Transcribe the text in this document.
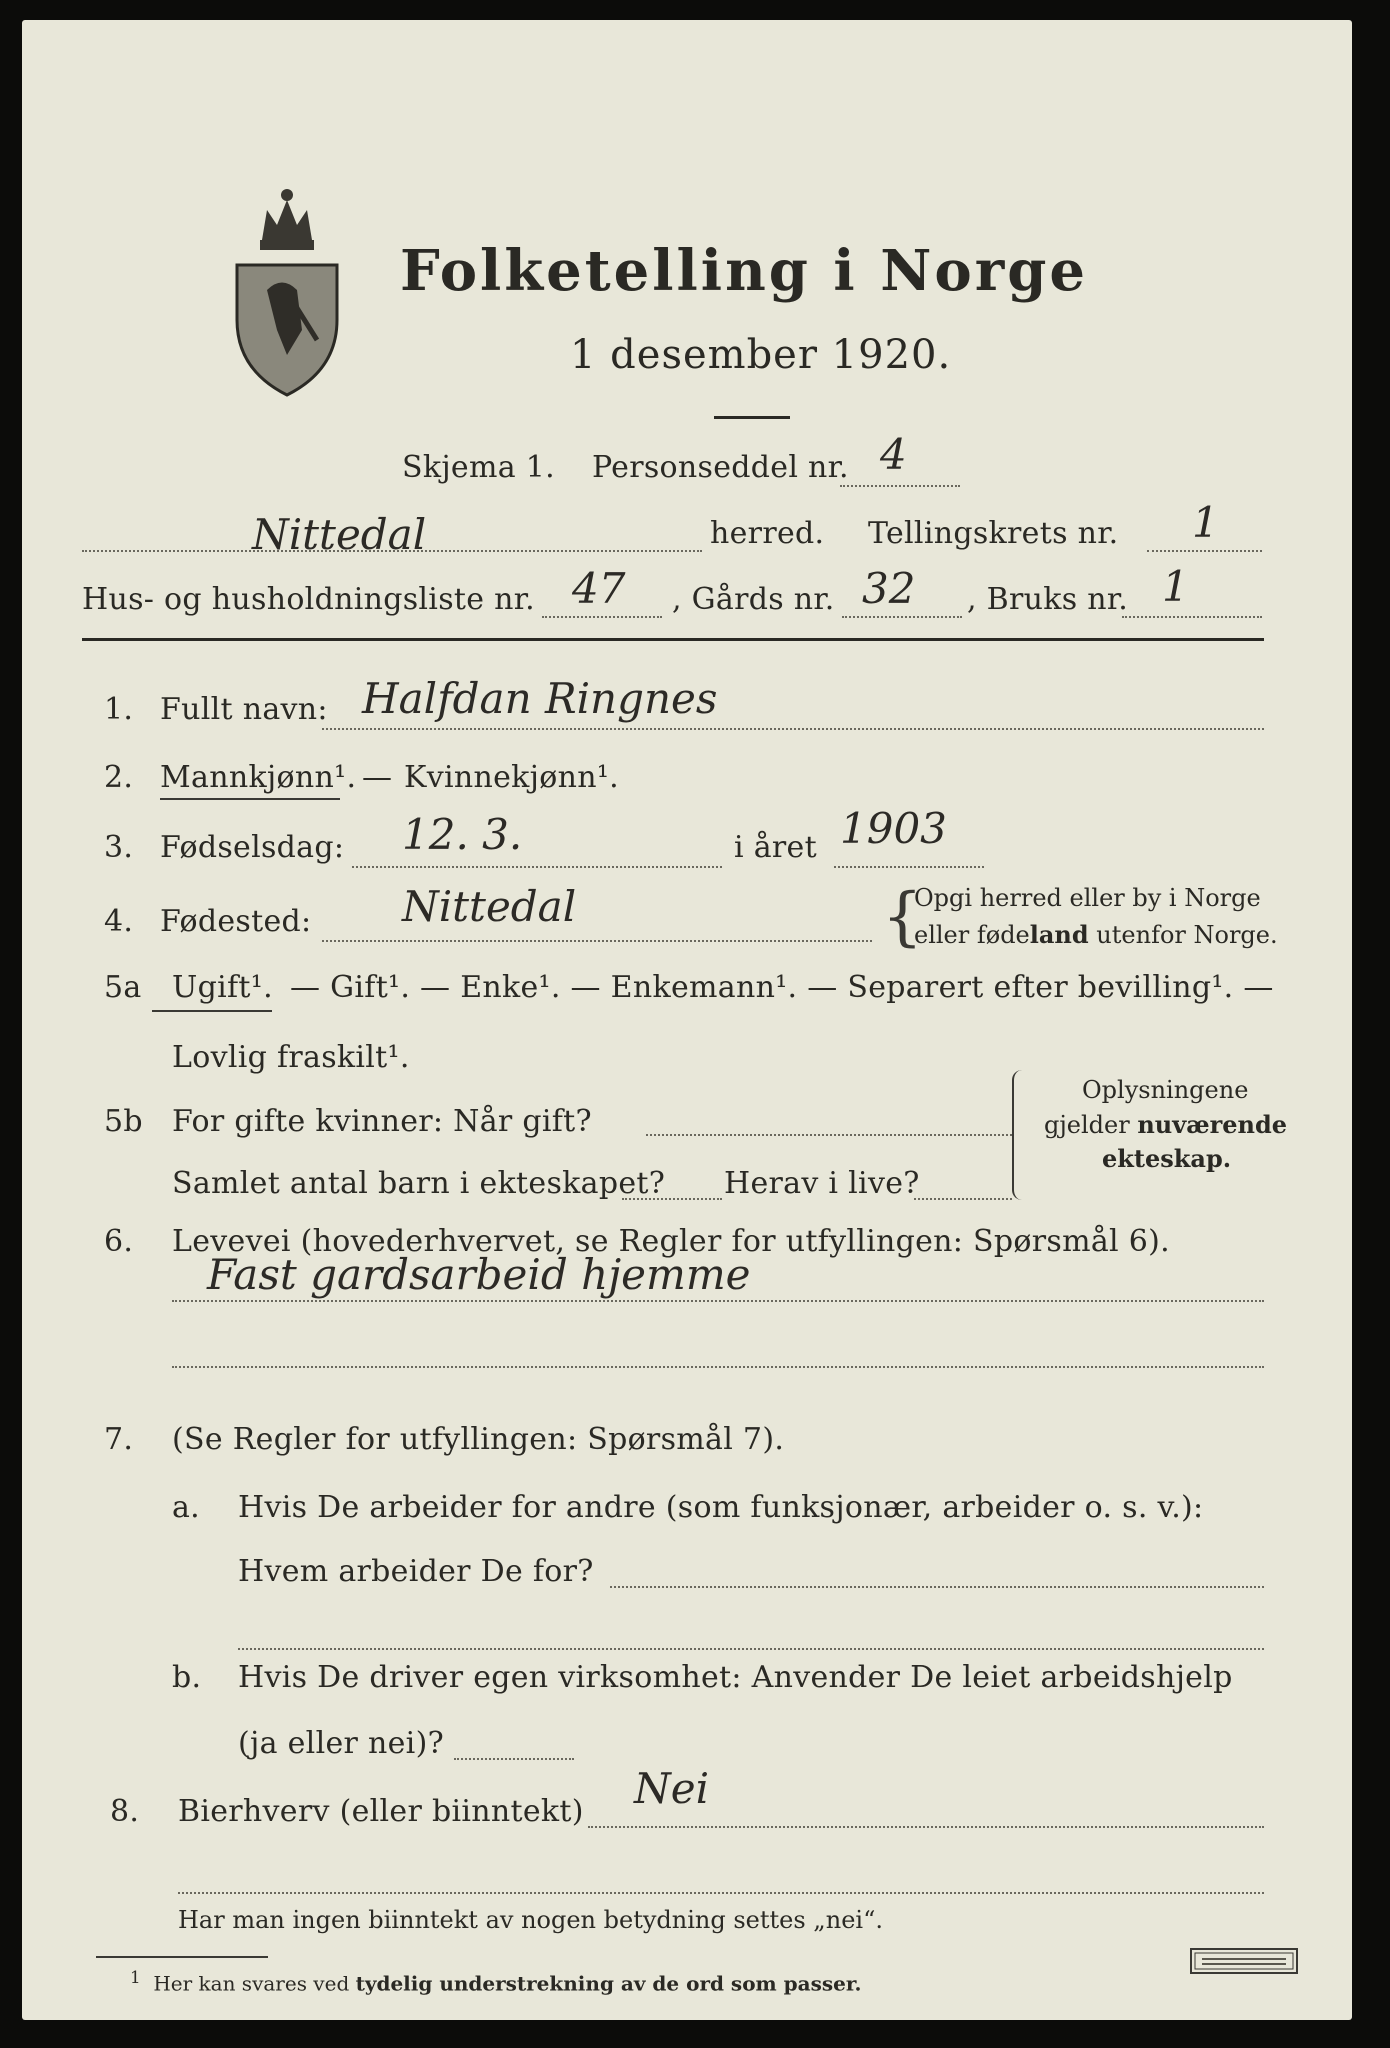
Folketelling i Norge
1 desember 1920.
Skjema 1. Personseddel nr. 4
Nittedal	herred. Tellingskrets nr. 1
Hus- og husholdningsliste nr. 47 , Gårds nr. 32 , Bruks nr. 1
1. Fullt navn: Halfdan Ringnes
2. Mannkjønn¹. — Kvinnekjønn¹.
3. Fødselsdag: 12. 3.	i året 1903
4. Fødested: Nittedal	{
Opgi herred eller by i Norge
eller fødeland utenfor Norge.
5a Ugift¹. — Gift¹. — Enke¹. — Enkemann¹. — Separert efter bevilling¹. —
Lovlig fraskilt¹.
5b For gifte kvinner: Når gift?
Samlet antal barn i ekteskapet? Herav i live?
Oplysningene
gjelder nuværende
ekteskap.
6. Levevei (hovederhvervet, se Regler for utfyllingen: Spørsmål 6).
Fast gardsarbeid hjemme
7. (Se Regler for utfyllingen: Spørsmål 7).
a. Hvis De arbeider for andre (som funksjonær, arbeider o. s. v.):
Hvem arbeider De for?
b. Hvis De driver egen virksomhet: Anvender De leiet arbeidshjelp
(ja eller nei)?
8. Bierhverv (eller biinntekt) Nei
Har man ingen biinntekt av nogen betydning settes „nei“.
$^1$ Her kan svares ved tydelig understrekning av de ord som passer.
